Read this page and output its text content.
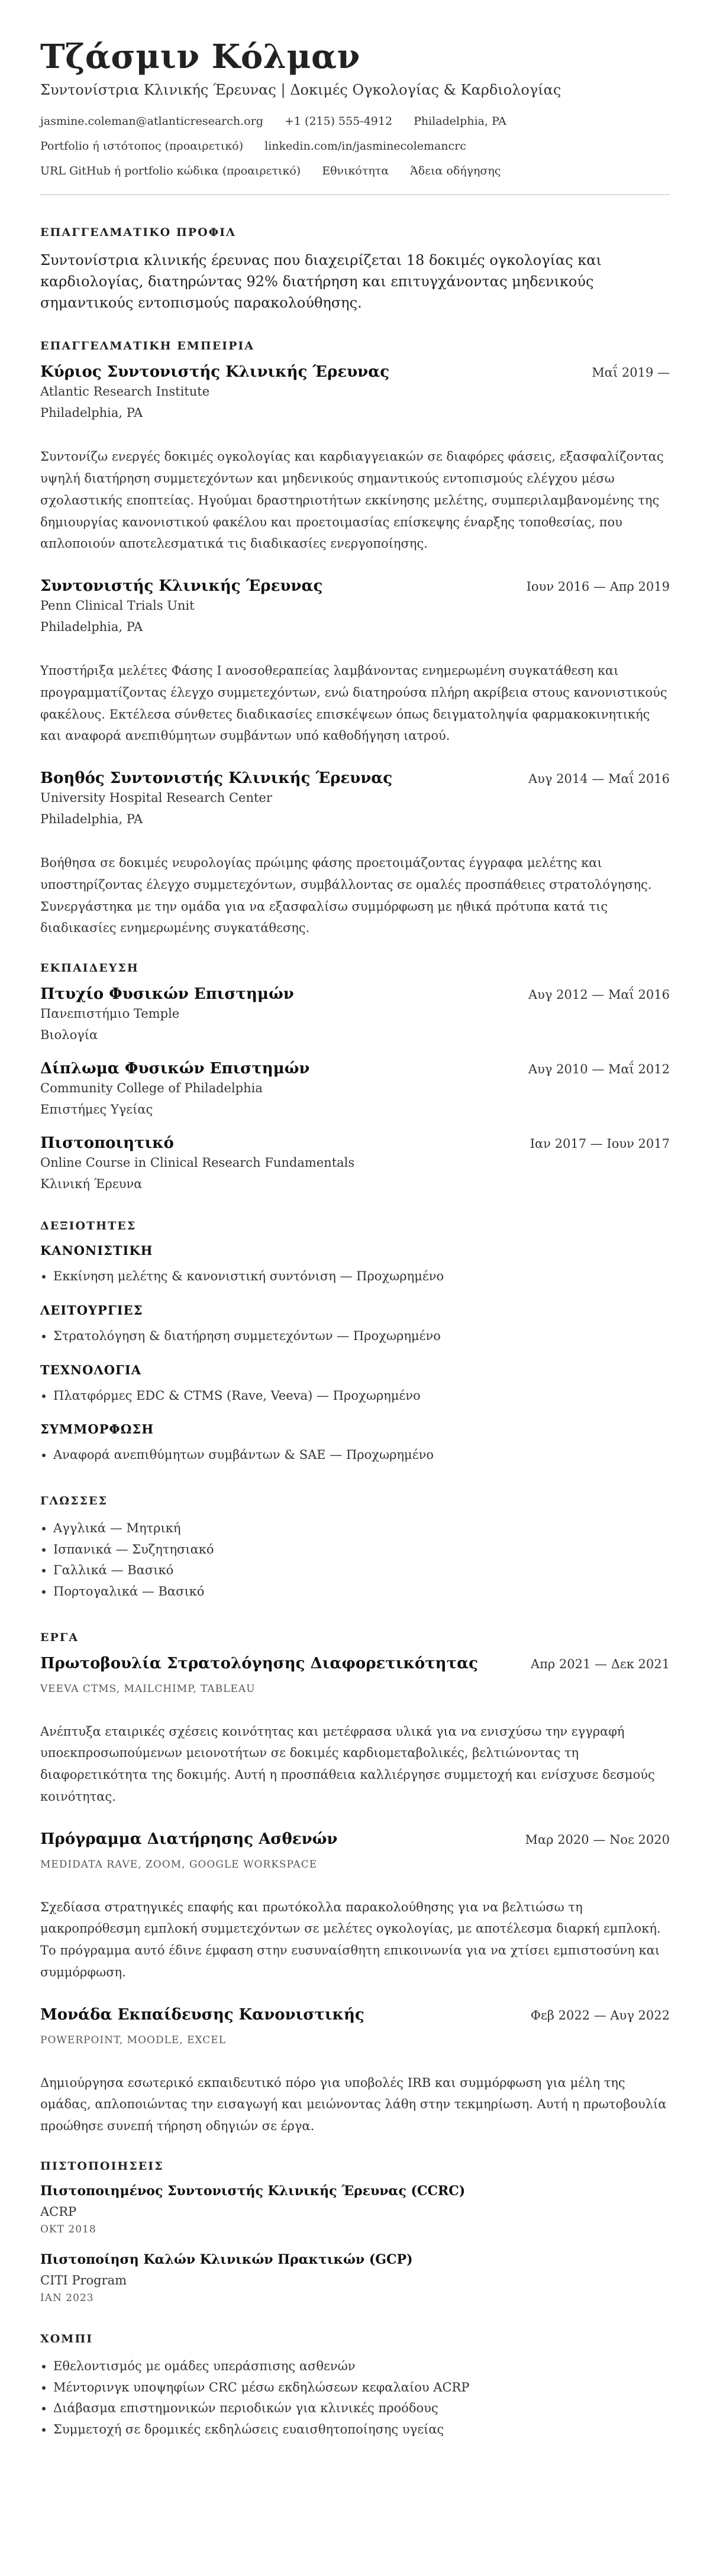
Τζάσμιν Κόλμαν
Συντονίστρια Κλινικής Έρευνας | Δοκιμές Ογκολογίας & Καρδιολογίας
jasmine.coleman@atlanticresearch.org +1 (215) 555-4912 Philadelphia, PA
Portfolio ή ιστότοπος (προαιρετικό) linkedin.com/in/jasminecolemancrc
URL GitHub ή portfolio κώδικα (προαιρετικό) Εθνικότητα Άδεια οδήγησης
ΕΠΑΓΓΕΛΜΑΤΙΚΟ ΠΡΟΦΙΛ

Συντονίστρια κλινικής έρευνας που διαχειρίζεται 18 δοκιμές ογκολογίας και καρδιολογίας, διατηρώντας 92% διατήρηση και επιτυγχάνοντας μηδενικούς σημαντικούς εντοπισμούς παρακολούθησης.

ΕΠΑΓΓΕΛΜΑΤΙΚΗ ΕΜΠΕΙΡΙΑ
Κύριος Συντονιστής Κλινικής Έρευνας	Μαΐ 2019 —
Atlantic Research Institute
Philadelphia, PA

Συντονίζω ενεργές δοκιμές ογκολογίας και καρδιαγγειακών σε διαφόρες φάσεις, εξασφαλίζοντας υψηλή διατήρηση συμμετεχόντων και μηδενικούς σημαντικούς εντοπισμούς ελέγχου μέσω σχολαστικής εποπτείας. Ηγούμαι δραστηριοτήτων εκκίνησης μελέτης, συμπεριλαμβανομένης της δημιουργίας κανονιστικού φακέλου και προετοιμασίας επίσκεψης έναρξης τοποθεσίας, που απλοποιούν αποτελεσματικά τις διαδικασίες ενεργοποίησης.

Συντονιστής Κλινικής Έρευνας	Ιουν 2016 — Απρ 2019
Penn Clinical Trials Unit
Philadelphia, PA

Υποστήριξα μελέτες Φάσης I ανοσοθεραπείας λαμβάνοντας ενημερωμένη συγκατάθεση και προγραμματίζοντας έλεγχο συμμετεχόντων, ενώ διατηρούσα πλήρη ακρίβεια στους κανονιστικούς φακέλους. Εκτέλεσα σύνθετες διαδικασίες επισκέψεων όπως δειγματοληψία φαρμακοκινητικής και αναφορά ανεπιθύμητων συμβάντων υπό καθοδήγηση ιατρού.

Βοηθός Συντονιστής Κλινικής Έρευνας	Αυγ 2014 — Μαΐ 2016
University Hospital Research Center
Philadelphia, PA

Βοήθησα σε δοκιμές νευρολογίας πρώιμης φάσης προετοιμάζοντας έγγραφα μελέτης και υποστηρίζοντας έλεγχο συμμετεχόντων, συμβάλλοντας σε ομαλές προσπάθειες στρατολόγησης. Συνεργάστηκα με την ομάδα για να εξασφαλίσω συμμόρφωση με ηθικά πρότυπα κατά τις διαδικασίες ενημερωμένης συγκατάθεσης.

ΕΚΠΑΙΔΕΥΣΗ
Πτυχίο Φυσικών Επιστημών	Αυγ 2012 — Μαΐ 2016
Πανεπιστήμιο Temple
Βιολογία
Δίπλωμα Φυσικών Επιστημών	Αυγ 2010 — Μαΐ 2012
Community College of Philadelphia
Επιστήμες Υγείας
Πιστοποιητικό	Ιαν 2017 — Ιουν 2017
Online Course in Clinical Research Fundamentals
Κλινική Έρευνα
ΔΕΞΙΟΤΗΤΕΣ
ΚΑΝΟΝΙΣΤΙΚΗ
• Εκκίνηση μελέτης & κανονιστική συντόνιση — Προχωρημένο
ΛΕΙΤΟΥΡΓΙΕΣ
• Στρατολόγηση & διατήρηση συμμετεχόντων — Προχωρημένο
ΤΕΧΝΟΛΟΓΙΑ
• Πλατφόρμες EDC & CTMS (Rave, Veeva) — Προχωρημένο
ΣΥΜΜΟΡΦΩΣΗ
• Αναφορά ανεπιθύμητων συμβάντων & SAE — Προχωρημένο
ΓΛΩΣΣΕΣ
• Αγγλικά — Μητρική
• Ισπανικά — Συζητησιακό
• Γαλλικά — Βασικό
• Πορτογαλικά — Βασικό
ΕΡΓΑ
Πρωτοβουλία Στρατολόγησης Διαφορετικότητας	Απρ 2021 — Δεκ 2021
VEEVA CTMS, MAILCHIMP, TABLEAU

Ανέπτυξα εταιρικές σχέσεις κοινότητας και μετέφρασα υλικά για να ενισχύσω την εγγραφή υποεκπροσωπούμενων μειονοτήτων σε δοκιμές καρδιομεταβολικές, βελτιώνοντας τη διαφορετικότητα της δοκιμής. Αυτή η προσπάθεια καλλιέργησε συμμετοχή και ενίσχυσε δεσμούς κοινότητας.

Πρόγραμμα Διατήρησης Ασθενών	Μαρ 2020 — Νοε 2020
MEDIDATA RAVE, ZOOM, GOOGLE WORKSPACE

Σχεδίασα στρατηγικές επαφής και πρωτόκολλα παρακολούθησης για να βελτιώσω τη μακροπρόθεσμη εμπλοκή συμμετεχόντων σε μελέτες ογκολογίας, με αποτέλεσμα διαρκή εμπλοκή. Το πρόγραμμα αυτό έδινε έμφαση στην ευσυναίσθητη επικοινωνία για να χτίσει εμπιστοσύνη και συμμόρφωση.

Μονάδα Εκπαίδευσης Κανονιστικής	Φεβ 2022 — Αυγ 2022
POWERPOINT, MOODLE, EXCEL

Δημιούργησα εσωτερικό εκπαιδευτικό πόρο για υποβολές IRB και συμμόρφωση για μέλη της ομάδας, απλοποιώντας την εισαγωγή και μειώνοντας λάθη στην τεκμηρίωση. Αυτή η πρωτοβουλία προώθησε συνεπή τήρηση οδηγιών σε έργα.

ΠΙΣΤΟΠΟΙΗΣΕΙΣ
Πιστοποιημένος Συντονιστής Κλινικής Έρευνας (CCRC)
ACRP
ΟΚΤ 2018
Πιστοποίηση Καλών Κλινικών Πρακτικών (GCP)
CITI Program
ΙΑΝ 2023
ΧΟΜΠΙ
• Εθελοντισμός με ομάδες υπεράσπισης ασθενών
• Μέντορινγκ υποψηφίων CRC μέσω εκδηλώσεων κεφαλαίου ACRP
• Διάβασμα επιστημονικών περιοδικών για κλινικές προόδους
• Συμμετοχή σε δρομικές εκδηλώσεις ευαισθητοποίησης υγείας
